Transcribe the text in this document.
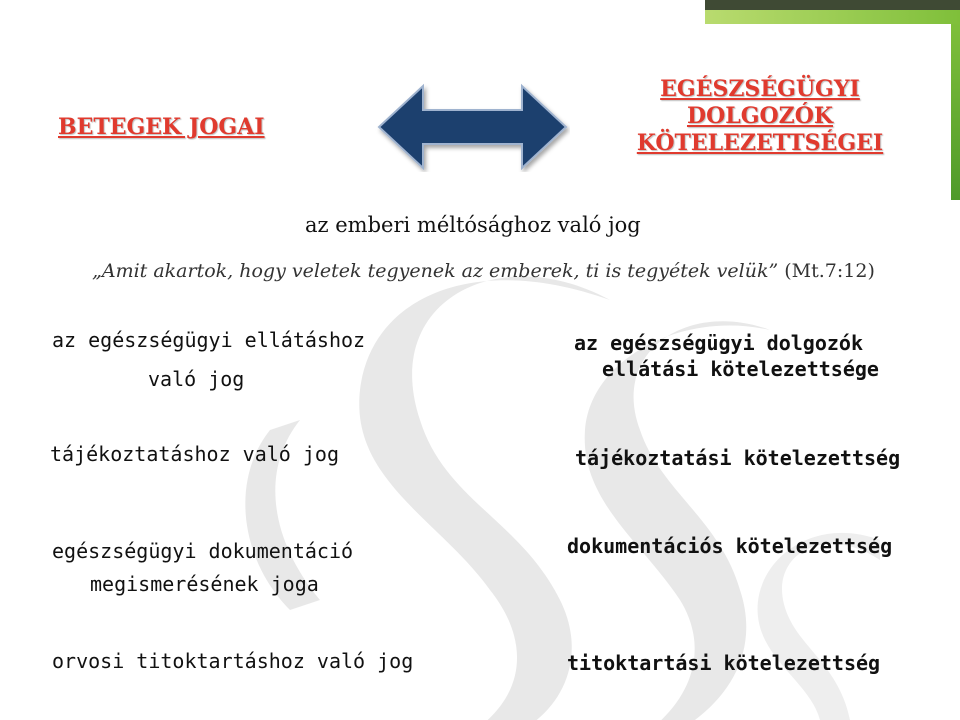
BETEGEK JOGAI

EGÉSZSÉGÜGYI
DOLGOZÓK
KÖTELEZETTSÉGEI

az emberi méltósághoz való jog

„Amit akartok, hogy veletek tegyenek az emberek, ti is tegyétek velük” (Mt.7:12)

az egészségügyi ellátáshoz

való jog

az egészségügyi dolgozók

ellátási kötelezettsége

tájékoztatáshoz való jog	tájékoztatási kötelezettség

egészségügyi dokumentáció

megismerésének joga

dokumentációs kötelezettség

orvosi titoktartáshoz való jog	titoktartási kötelezettség
